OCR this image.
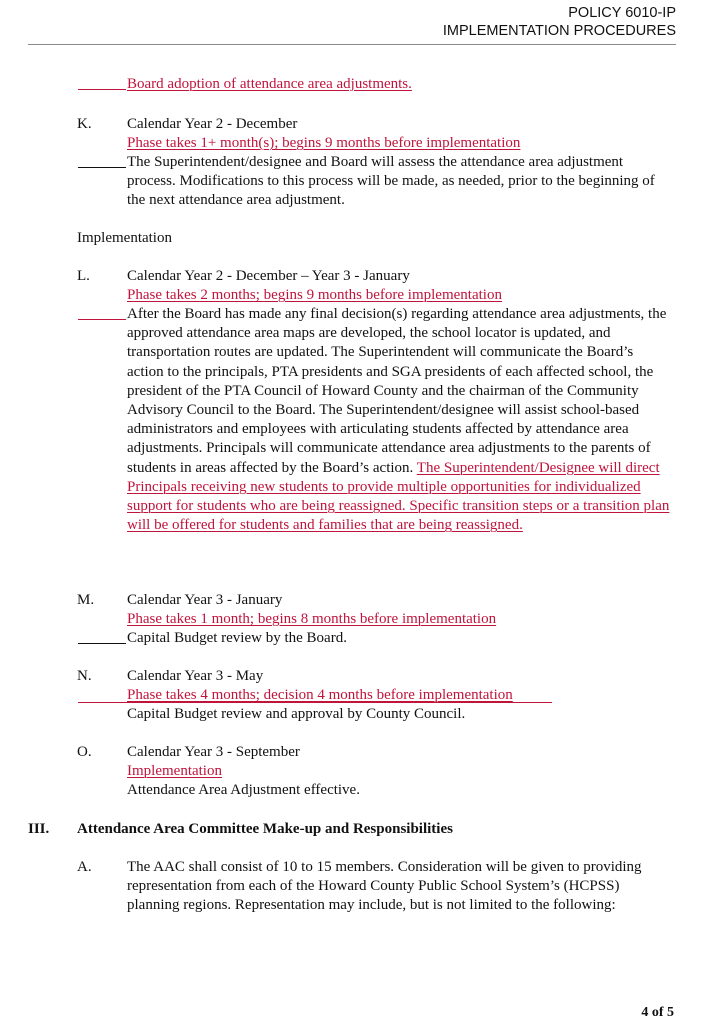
POLICY 6010-IP
IMPLEMENTATION PROCEDURES

Board adoption of attendance area adjustments.

K. Calendar Year 2 - December

Phase takes 1+ month(s); begins 9 months before implementation

The Superintendent/designee and Board will assess the attendance area adjustment process. Modifications to this process will be made, as needed, prior to the beginning of the next attendance area adjustment.

Implementation

L. Calendar Year 2 - December – Year 3 - January

Phase takes 2 months; begins 9 months before implementation

After the Board has made any final decision(s) regarding attendance area adjustments, the approved attendance area maps are developed, the school locator is updated, and transportation routes are updated. The Superintendent will communicate the Board’s action to the principals, PTA presidents and SGA presidents of each affected school, the president of the PTA Council of Howard County and the chairman of the Community Advisory Council to the Board. The Superintendent/designee will assist school-based administrators and employees with articulating students affected by attendance area adjustments. Principals will communicate attendance area adjustments to the parents of students in areas affected by the Board’s action. The Superintendent/Designee will direct Principals receiving new students to provide multiple opportunities for individualized support for students who are being reassigned. Specific transition steps or a transition plan will be offered for students and families that are being reassigned.

M. Calendar Year 3 - January

Phase takes 1 month; begins 8 months before implementation

Capital Budget review by the Board.

N. Calendar Year 3 - May

Phase takes 4 months; decision 4 months before implementation

Capital Budget review and approval by County Council.

O. Calendar Year 3 - September

Implementation

Attendance Area Adjustment effective.

III. Attendance Area Committee Make-up and Responsibilities

A. The AAC shall consist of 10 to 15 members. Consideration will be given to providing representation from each of the Howard County Public School System’s (HCPSS) planning regions. Representation may include, but is not limited to the following:

4 of 5
